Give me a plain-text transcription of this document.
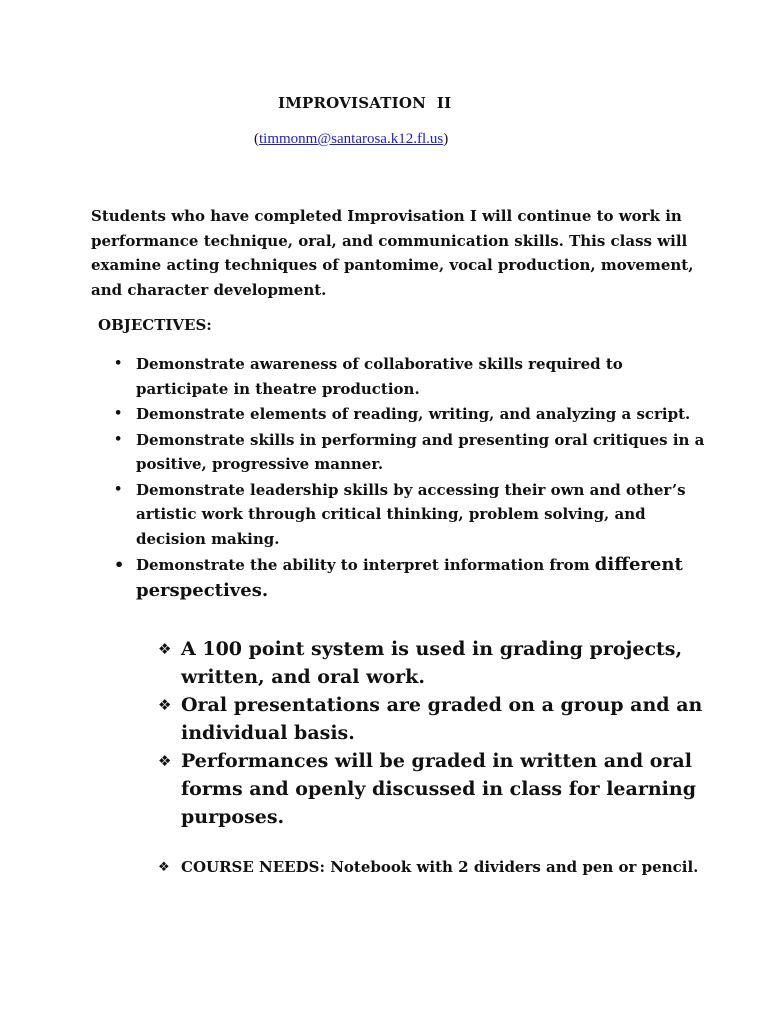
IMPROVISATION  II
(timmonm@santarosa.k12.fl.us)

Students who have completed Improvisation I will continue to work in
performance technique, oral, and communication skills. This class will
examine acting techniques of pantomime, vocal production, movement,
and character development.

OBJECTIVES:
• Demonstrate awareness of collaborative skills required to
participate in theatre production.
• Demonstrate elements of reading, writing, and analyzing a script.
• Demonstrate skills in performing and presenting oral critiques in a
positive, progressive manner.
• Demonstrate leadership skills by accessing their own and other’s
artistic work through critical thinking, problem solving, and
decision making.
• Demonstrate the ability to interpret information from different
perspectives.
❖ A 100 point system is used in grading projects,
written, and oral work.
❖ Oral presentations are graded on a group and an
individual basis.
❖ Performances will be graded in written and oral
forms and openly discussed in class for learning
purposes.
❖ COURSE NEEDS: Notebook with 2 dividers and pen or pencil.
